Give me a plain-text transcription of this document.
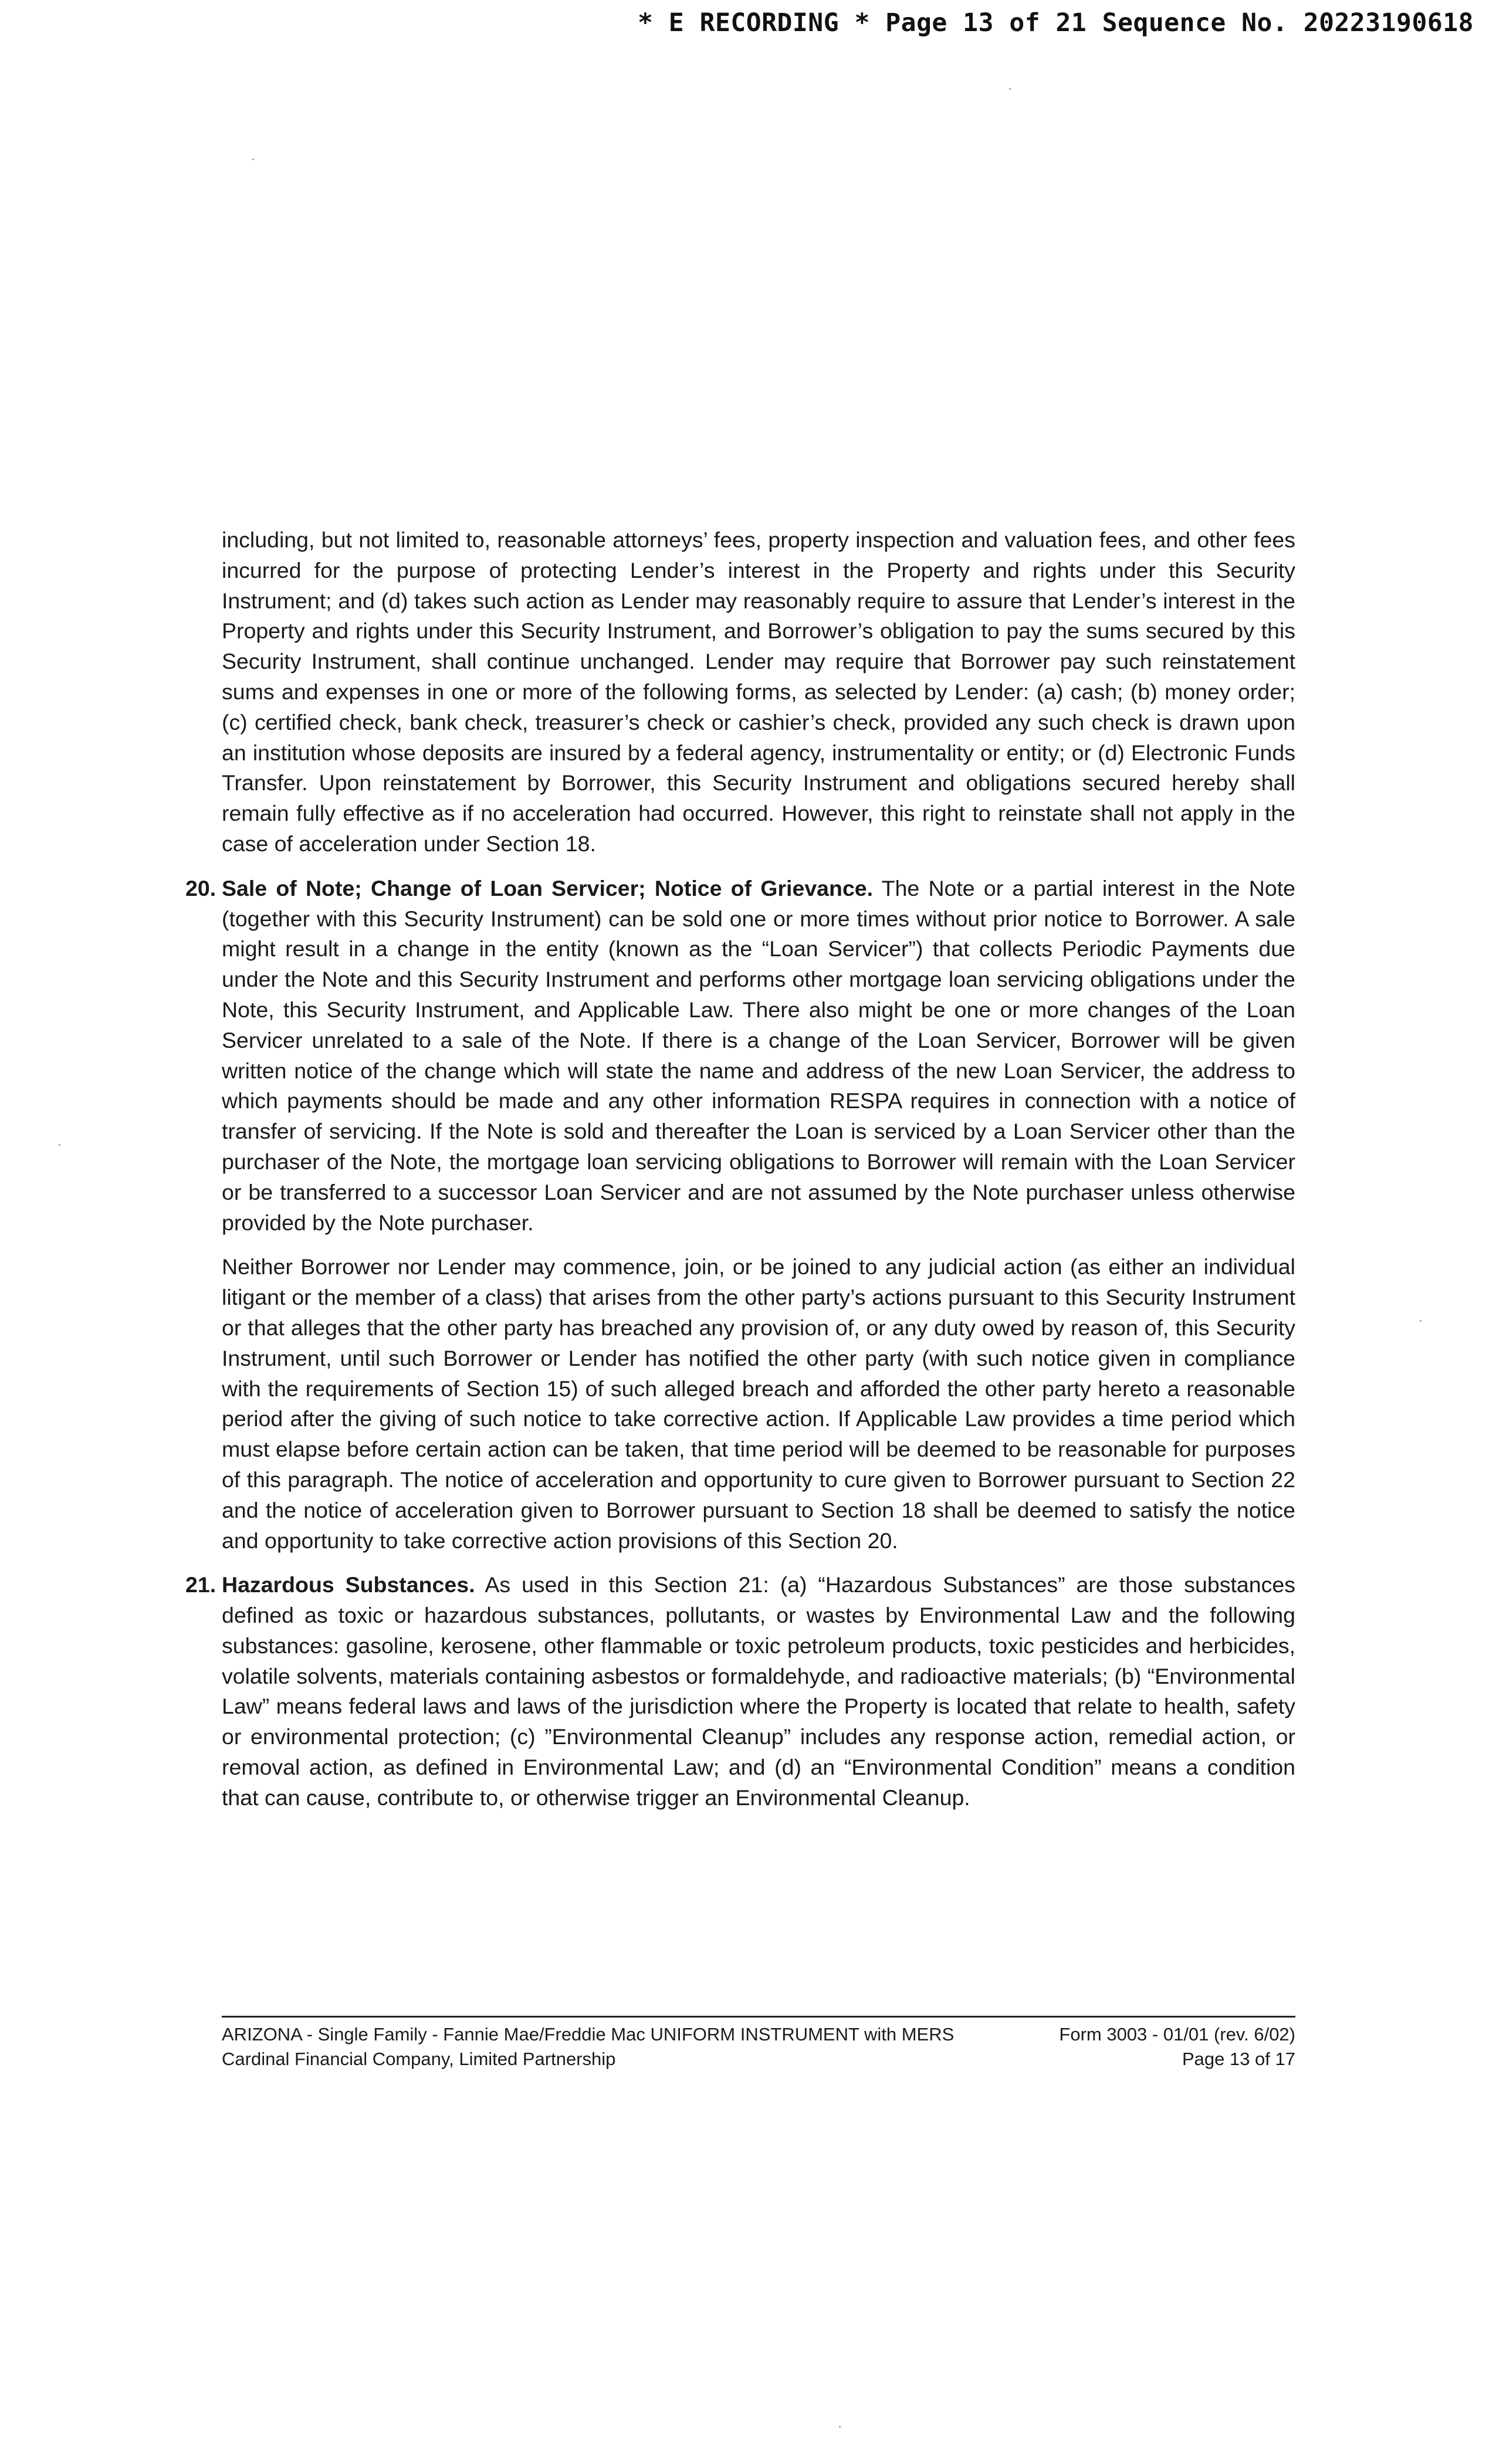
* E RECORDING * Page 13 of 21 Sequence No. 20223190618

including, but not limited to, reasonable attorneys’ fees, property inspection and valuation fees, and other fees incurred for the purpose of protecting Lender’s interest in the Property and rights under this Security Instrument; and (d) takes such action as Lender may reasonably require to assure that Lender’s interest in the Property and rights under this Security Instrument, and Borrower’s obligation to pay the sums secured by this Security Instrument, shall continue unchanged. Lender may require that Borrower pay such reinstatement sums and expenses in one or more of the following forms, as selected by Lender: (a) cash; (b) money order; (c) certified check, bank check, treasurer’s check or cashier’s check, provided any such check is drawn upon an institution whose deposits are insured by a federal agency, instrumentality or entity; or (d) Electronic Funds Transfer. Upon reinstatement by Borrower, this Security Instrument and obligations secured hereby shall remain fully effective as if no acceleration had occurred. However, this right to reinstate shall not apply in the case of acceleration under Section 18.

20. Sale of Note; Change of Loan Servicer; Notice of Grievance. The Note or a partial interest in the Note (together with this Security Instrument) can be sold one or more times without prior notice to Borrower. A sale might result in a change in the entity (known as the “Loan Servicer”) that collects Periodic Payments due under the Note and this Security Instrument and performs other mortgage loan servicing obligations under the Note, this Security Instrument, and Applicable Law. There also might be one or more changes of the Loan Servicer unrelated to a sale of the Note. If there is a change of the Loan Servicer, Borrower will be given written notice of the change which will state the name and address of the new Loan Servicer, the address to which payments should be made and any other information RESPA requires in connection with a notice of transfer of servicing. If the Note is sold and thereafter the Loan is serviced by a Loan Servicer other than the purchaser of the Note, the mortgage loan servicing obligations to Borrower will remain with the Loan Servicer or be transferred to a successor Loan Servicer and are not assumed by the Note purchaser unless otherwise provided by the Note purchaser.

Neither Borrower nor Lender may commence, join, or be joined to any judicial action (as either an individual litigant or the member of a class) that arises from the other party’s actions pursuant to this Security Instrument or that alleges that the other party has breached any provision of, or any duty owed by reason of, this Security Instrument, until such Borrower or Lender has notified the other party (with such notice given in compliance with the requirements of Section 15) of such alleged breach and afforded the other party hereto a reasonable period after the giving of such notice to take corrective action. If Applicable Law provides a time period which must elapse before certain action can be taken, that time period will be deemed to be reasonable for purposes of this paragraph. The notice of acceleration and opportunity to cure given to Borrower pursuant to Section 22 and the notice of acceleration given to Borrower pursuant to Section 18 shall be deemed to satisfy the notice and opportunity to take corrective action provisions of this Section 20.

21. Hazardous Substances. As used in this Section 21: (a) “Hazardous Substances” are those substances defined as toxic or hazardous substances, pollutants, or wastes by Environmental Law and the following substances: gasoline, kerosene, other flammable or toxic petroleum products, toxic pesticides and herbicides, volatile solvents, materials containing asbestos or formaldehyde, and radioactive materials; (b) “Environmental Law” means federal laws and laws of the jurisdiction where the Property is located that relate to health, safety or environmental protection; (c) ”Environmental Cleanup” includes any response action, remedial action, or removal action, as defined in Environmental Law; and (d) an “Environmental Condition” means a condition that can cause, contribute to, or otherwise trigger an Environmental Cleanup.

ARIZONA - Single Family - Fannie Mae/Freddie Mac UNIFORM INSTRUMENT with MERS	Form 3003 - 01/01 (rev. 6/02)
Cardinal Financial Company, Limited Partnership	Page 13 of 17
